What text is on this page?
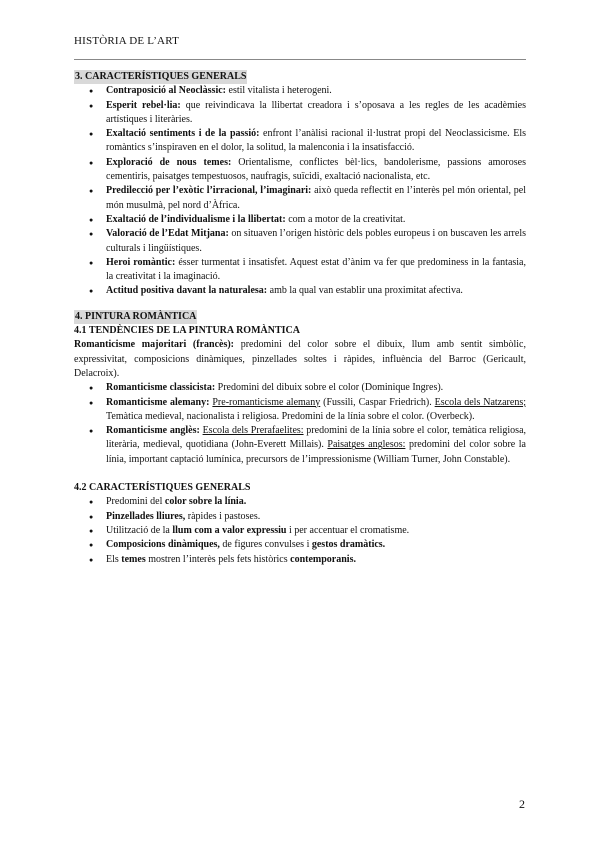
HISTÒRIA DE L’ART
3. CARACTERÍSTIQUES GENERALS
● Contraposició al Neoclàssic: estil vitalista i heterogeni.
● Esperit rebel·lia: que reivindicava la llibertat creadora i s’oposava a les regles de les acadèmies artístiques i literàries.
● Exaltació sentiments i de la passió: enfront l’anàlisi racional il·lustrat propi del Neoclassicisme. Els romàntics s’inspiraven en el dolor, la solitud, la malenconia i la insatisfacció.
● Exploració de nous temes: Orientalisme, conflictes bèl·lics, bandolerisme, passions amoroses cementiris, paisatges tempestuosos, naufragis, suïcidi, exaltació nacionalista, etc.
● Predilecció per l’exòtic l’irracional, l’imaginari: això queda reflectit en l’interès pel món oriental, pel món musulmà, pel nord d’Àfrica.
● Exaltació de l’individualisme i la llibertat: com a motor de la creativitat.
● Valoració de l’Edat Mitjana: on situaven l’origen històric dels pobles europeus i on buscaven les arrels culturals i lingüístiques.
● Heroi romàntic: ésser turmentat i insatisfet. Aquest estat d’ànim va fer que predominess in la fantasia, la creativitat i la imaginació.
● Actitud positiva davant la naturalesa: amb la qual van establir una proximitat afectiva.
4. PINTURA ROMÀNTICA
4.1 TENDÈNCIES DE LA PINTURA ROMÀNTICA
Romanticisme majoritari (francès): predomini del color sobre el dibuix, llum amb sentit simbòlic, expressivitat, composicions dinàmiques, pinzellades soltes i ràpides, influència del Barroc (Gericault, Delacroix).
● Romanticisme classicista: Predomini del dibuix sobre el color (Dominique Ingres).
● Romanticisme alemany: Pre-romanticisme alemany (Fussili, Caspar Friedrich). Escola dels Natzarens; Temàtica medieval, nacionalista i religiosa. Predomini de la línia sobre el color. (Overbeck).
● Romanticisme anglès: Escola dels Prerafaelites: predomini de la línia sobre el color, temàtica religiosa, literària, medieval, quotidiana (John-Everett Millais). Paisatges anglesos: predomini del color sobre la línia, important captació lumínica, precursors de l’impressionisme (William Turner, John Constable).
4.2 CARACTERÍSTIQUES GENERALS
● Predomini del color sobre la línia.
● Pinzellades lliures, ràpides i pastoses.
● Utilització de la llum com a valor expressiu i per accentuar el cromatisme.
● Composicions dinàmiques, de figures convulses i gestos dramàtics.
● Els temes mostren l’interès pels fets històrics contemporanis.
2
